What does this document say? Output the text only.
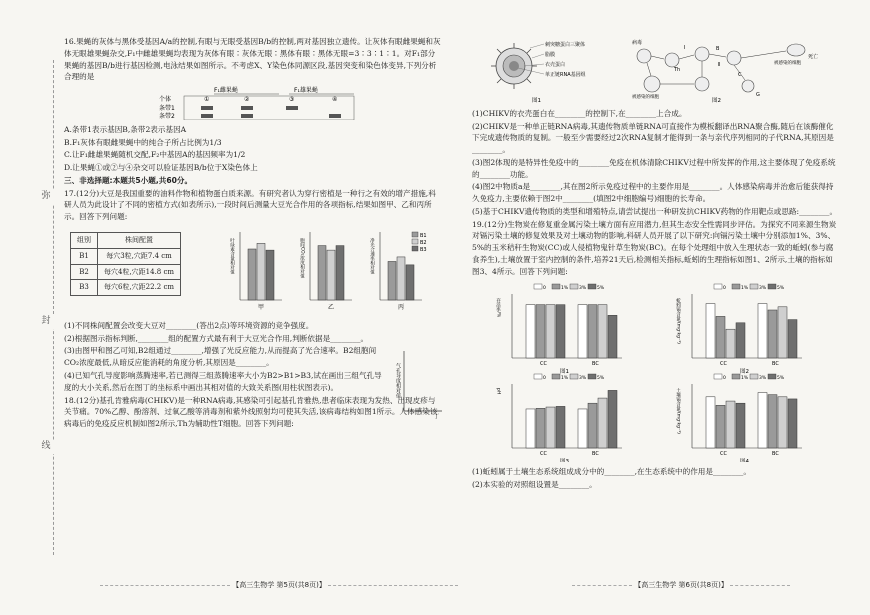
弥
封
线

16.果蝇的灰体与黑体受基因A/a的控制,有眼与无眼受基因B/b的控制,两对基因独立遗传。让灰体有眼雌果蝇和灰体无眼雄果蝇杂交,F₁中雌雄果蝇均表现为灰体有眼∶灰体无眼∶黑体有眼∶黑体无眼=3∶3∶1∶1。对F₁部分果蝇的基因B/b进行基因检测,电泳结果如图所示。不考虑X、Y染色体同源区段,基因突变和染色体变异,下列分析合理的是

F₁雌果蝇	F₁雄果蝇
个体	①	②	③	④
条带1
条带2

A.条带1表示基因B,条带2表示基因A

B.F₁灰体有眼雌果蝇中的纯合子所占比例为1/3

C.让F₁雌雄果蝇随机交配,F₂中基因A的基因频率为1/2

D.让果蝇①或②与④杂交可以验证基因B/b位于X染色体上

三、非选择题:本题共5小题,共60分。

17.(12分)大豆是我国重要的油料作物和植物蛋白质来源。有研究者认为穿行密植是一种行之有效的增产措施,科研人员为此设计了不同的密植方式(如表所示),一段时间后测量大豆光合作用的各项指标,结果如图甲、乙和丙所示。回答下列问题:

组别	株间配置
B1	每穴3粒,穴距7.4 cm
B2	每穴4粒,穴距14.8 cm
B3	每穴6粒,穴距22.2 cm
叶绿素含量相对值
甲
胞间CO₂浓度相对值
乙
净光合速率相对值
丙
B1
B2
B3

(1)不同株间配置会改变大豆对________(答出2点)等环境资源的竞争强度。

(2)根据图示指标判断,________组的配置方式最有利于大豆光合作用,判断依据是________。

(3)由图甲和图乙可知,B2组通过________,增强了光反应能力,从而提高了光合速率。B2组胞间CO₂浓度最低,从暗反应能消耗的角度分析,其原因是________。

(4)已知气孔导度影响蒸腾速率,若已测得三组蒸腾速率大小为B2>B1>B3,试在画出三组气孔导度的大小关系,然后在图丁的坐标系中画出其相对值的大致关系图(用柱状图表示)。	气孔导度相对值
丁

18.(12分)基孔肯雅病毒(CHIKV)是一种RNA病毒,其感染可引起基孔肯雅热,患者临床表现为发热、出现皮疹与关节痛。70%乙醇、酚溶剂、过氧乙酸等消毒剂和紫外线照射均可使其失活,该病毒结构如图1所示。人体感染该病毒后的免疫反应机制如图2所示,Th为辅助性T细胞。回答下列问题:

【高三生物学 第5页(共8页)】
刺突糖蛋白三聚体
脂膜
衣壳蛋白
单正链RNA基因组
图1
病毒
Th
被感染的细胞
被感染的细胞
死亡
B
C
G
Ⅰ
Ⅱ
图2

(1)CHIKV的衣壳蛋白在________的控制下,在________上合成。

(2)CHIKV是一种单正链RNA病毒,其遗传物质单链RNA可直接作为模板翻译出RNA聚合酶,随后在该酶催化下完成遗传物质的复制。一般至少需要经过2次RNA复制才能得到一条与亲代序列相同的子代RNA,其原因是________。

(3)图2体现的是特异性免疫中的________免疫在机体清除CHIKV过程中所发挥的作用,这主要体现了免疫系统的________功能。

(4)图2中物质a是________,其在图2所示免疫过程中的主要作用是________。人体感染病毒并治愈后能获得持久免疫力,主要依赖于图2中________(填图2中细胞编号)细胞的长寿命。

(5)基于CHIKV遗传物质的类型和增殖特点,请尝试提出一种研发抗CHIKV药物的作用靶点或思路:________。

19.(12分)生物炭在修复重金属污染土壤方面有应用潜力,但其生态安全性需同步评估。为探究不同来源生物炭对镉污染土壤的修复效果及对土壤动物的影响,科研人员开展了以下研究:向镉污染土壤中分别添加1%、3%、5%的玉米秸秆生物炭(CC)或人侵植物鬼针草生物炭(BC)。在每个处理组中放入生理状态一致的蚯蚓(参与腐食养生),土壤放置于室内控制的条件,培养21天后,检测相关指标,蚯蚓的生理指标如图1、2所示,土壤的指标如图3、4所示。回答下列问题:

0	1% 3% 5%
存活率/%
CC	BC
图1
0	1% 3% 5%
蚯蚓镉含量/(mg·kg⁻¹)
CC	BC
图2
0	1% 3% 5%
pH
CC	BC
图3
0	1% 3% 5%
土壤镉含量/(mg·kg⁻¹)
CC	BC
图4

(1)蚯蚓属于土壤生态系统组成成分中的________,在生态系统中的作用是________。

(2)本实验的对照组设置是________。

【高三生物学 第6页(共8页)】
